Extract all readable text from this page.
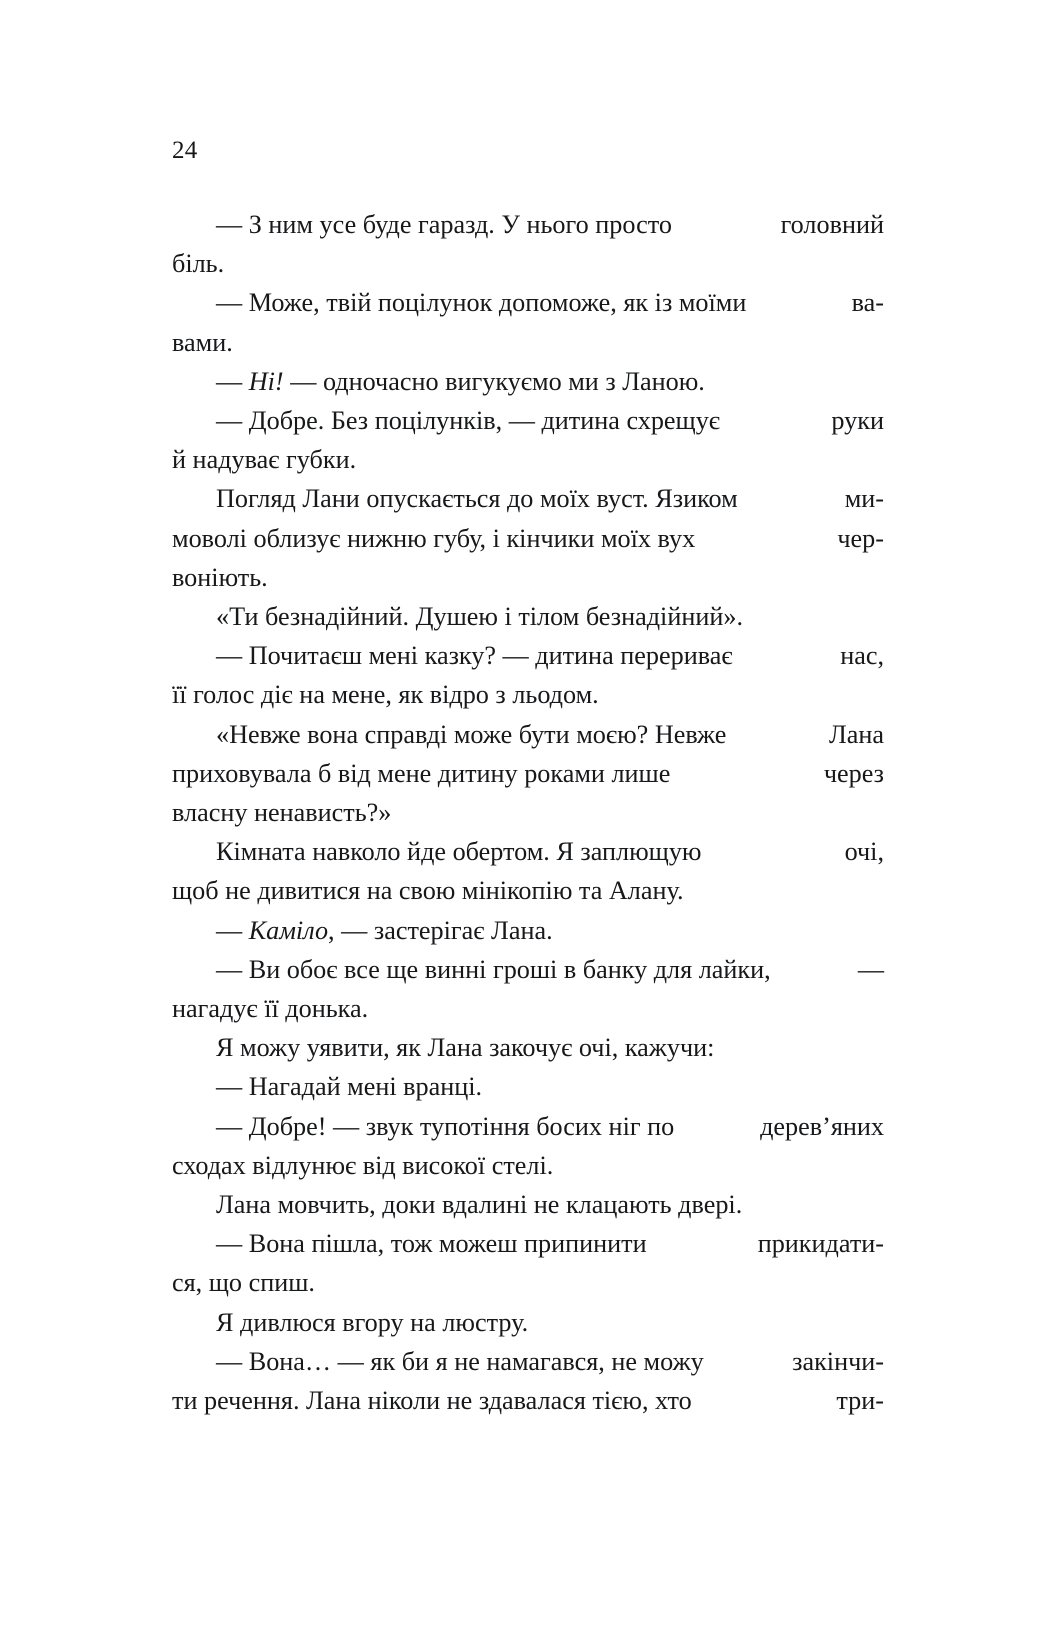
24

— З ним усе буде гаразд. У нього просто	головний
біль.

— Може, твій поцілунок допоможе, як із моїми	ва-
вами.

— Ні! — одночасно вигукуємо ми з Ланою.

— Добре. Без поцілунків, — дитина схрещує	руки
й надуває губки.

Погляд Лани опускається до моїх вуст. Язиком	ми-
моволі облизує нижню губу, і кінчики моїх вух	чер-
воніють.

«Ти безнадійний. Душею і тілом безнадійний».

— Почитаєш мені казку? — дитина перериває	нас,
її голос діє на мене, як відро з льодом.

«Невже вона справді може бути моєю? Невже	Лана
приховувала б від мене дитину роками лише	через
власну ненависть?»

Кімната навколо йде обертом. Я заплющую	очі,
щоб не дивитися на свою мінікопію та Алану.

— Каміло, — застерігає Лана.

— Ви обоє все ще винні гроші в банку для лайки,	—
нагадує її донька.

Я можу уявити, як Лана закочує очі, кажучи:

— Нагадай мені вранці.

— Добре! — звук тупотіння босих ніг по	дерев’яних
сходах відлунює від високої стелі.

Лана мовчить, доки вдалині не клацають двері.

— Вона пішла, тож можеш припинити	прикидати-
ся, що спиш.

Я дивлюся вгору на люстру.

— Вона… — як би я не намагався, не можу	закінчи-
ти речення. Лана ніколи не здавалася тією, хто	три-
